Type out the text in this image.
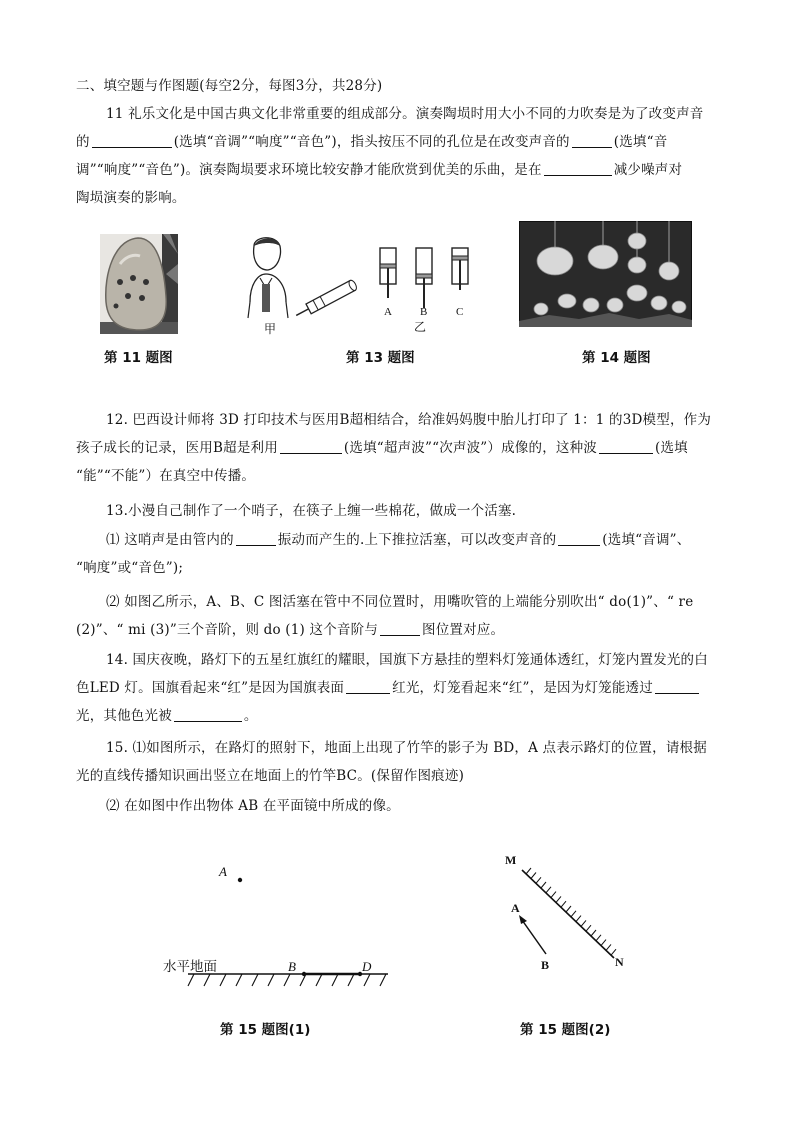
二、填空题与作图题(每空2分，每图3分，共28分)
11 礼乐文化是中国古典文化非常重要的组成部分。演奏陶埙时用大小不同的力吹奏是为了改变声音
的	(选填“音调”“响度”“音色”)，指头按压不同的孔位是在改变声音的	(选填“音
调”“响度”“音色”)。演奏陶埙要求环境比较安静才能欣赏到优美的乐曲，是在	减少噪声对
陶埙演奏的影响。
第 11 题图
甲
A	B	C
乙
第 13 题图	第 14 题图
12. 巴西设计师将 3D 打印技术与医用B超相结合，给准妈妈腹中胎儿打印了 1：1 的3D模型，作为
孩子成长的记录，医用B超是利用	(选填“超声波”“次声波”）成像的，这种波	(选填
“能”“不能”）在真空中传播。
13.小漫自己制作了一个哨子，在筷子上缠一些棉花，做成一个活塞.
⑴ 这哨声是由管内的	振动而产生的.上下推拉活塞，可以改变声音的	(选填“音调”、
“响度”或“音色”);
⑵ 如图乙所示，A、B、C 图活塞在管中不同位置时，用嘴吹管的上端能分别吹出“ do(1)”、“ re
(2)”、“ mi (3)”三个音阶，则 do (1) 这个音阶与	图位置对应。
14. 国庆夜晚，路灯下的五星红旗红的耀眼，国旗下方悬挂的塑料灯笼通体透红，灯笼内置发光的白
色LED 灯。国旗看起来“红”是因为国旗表面	红光，灯笼看起来“红”，是因为灯笼能透过
光，其他色光被	。
15. ⑴如图所示，在路灯的照射下，地面上出现了竹竿的影子为 BD，A 点表示路灯的位置，请根据
光的直线传播知识画出竖立在地面上的竹竿BC。(保留作图痕迹)
⑵ 在如图中作出物体 AB 在平面镜中所成的像。
A
水平地面	B	D
第 15 题图(1)
M
A
B	N
第 15 题图(2)
